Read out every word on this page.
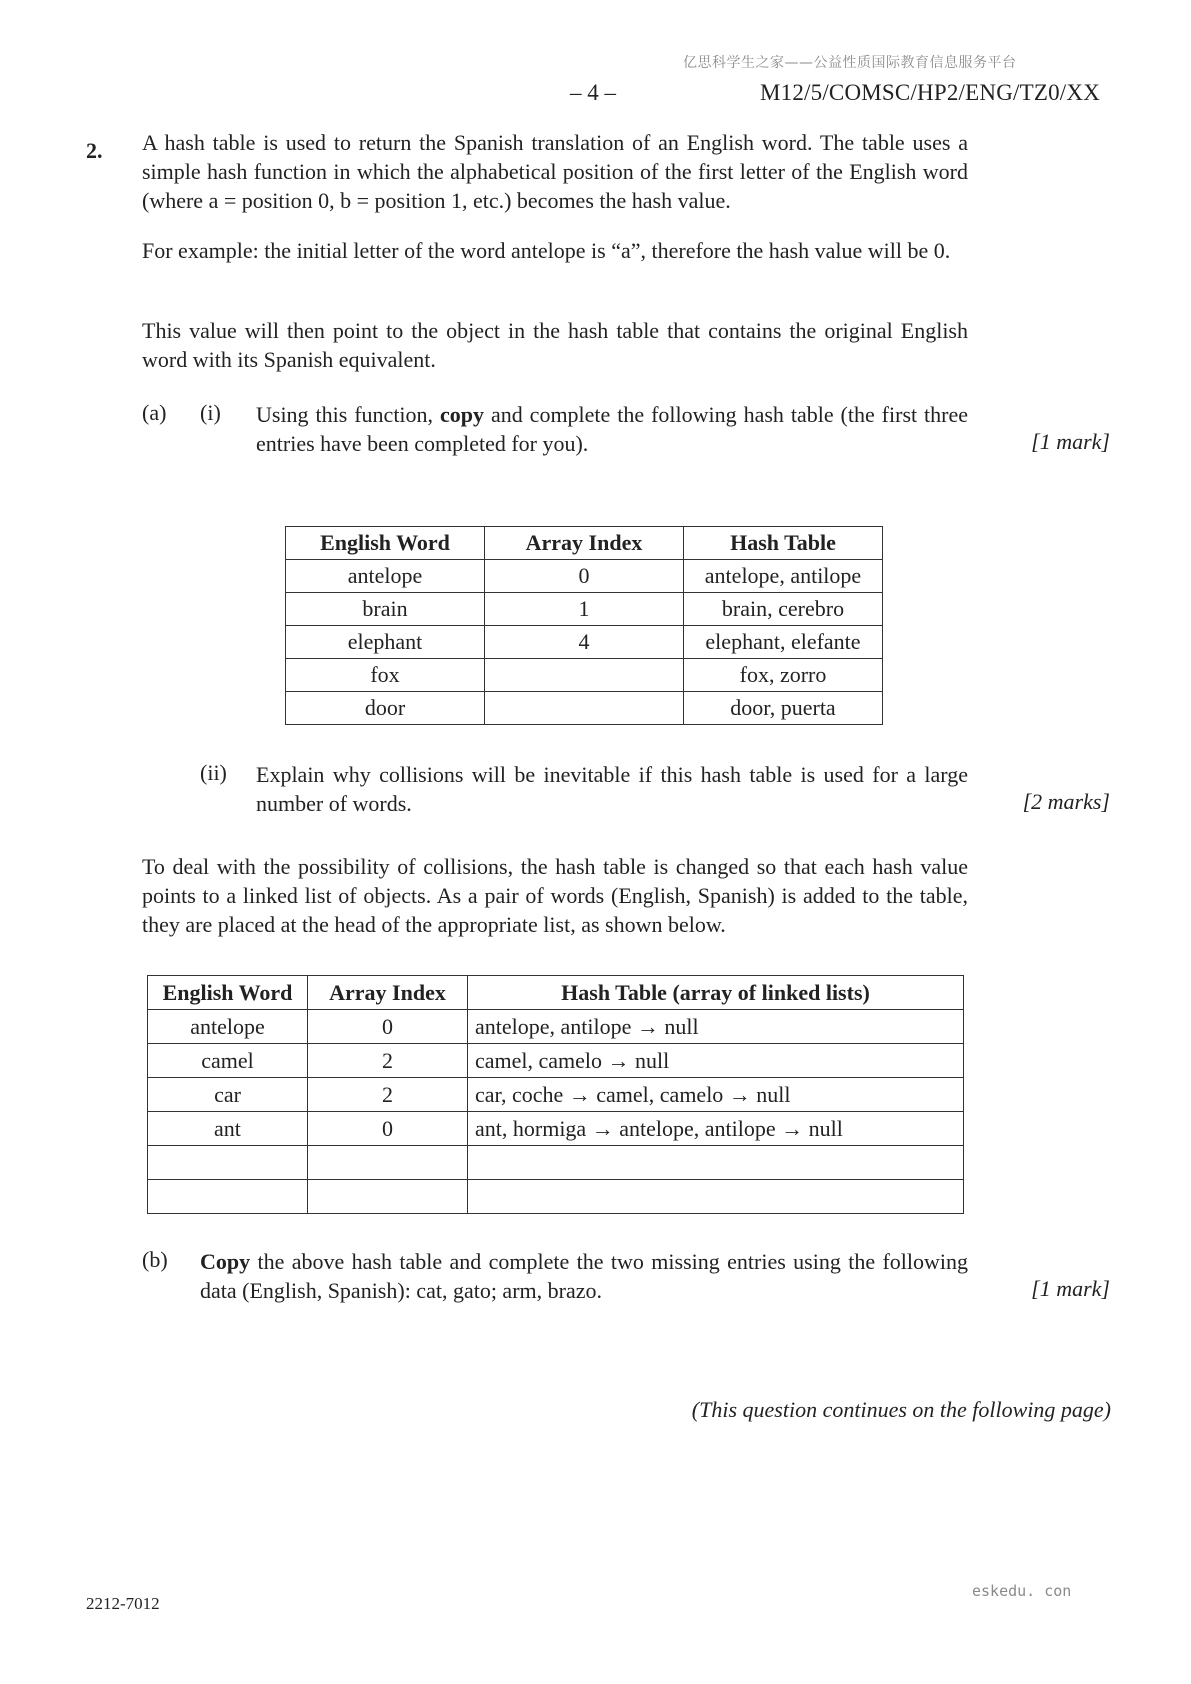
亿思科学生之家——公益性质国际教育信息服务平台
– 4 –	M12/5/COMSC/HP2/ENG/TZ0/XX
2. A hash table is used to return the Spanish translation of an English word. The table uses a simple hash function in which the alphabetical position of the first letter of the English word (where a = position 0, b = position 1, etc.) becomes the hash value.

For example: the initial letter of the word antelope is “a”, therefore the hash value will be 0.

This value will then point to the object in the hash table that contains the original English word with its Spanish equivalent.

(a) (i) Using this function, copy and complete the following hash table (the first three entries have been completed for you).	[1 mark]
English Word	Array Index	Hash Table
antelope	0	antelope, antilope
brain	1	brain, cerebro
elephant	4	elephant, elefante
fox		fox, zorro
door		door, puerta
(ii) Explain why collisions will be inevitable if this hash table is used for a large number of words.	[2 marks]

To deal with the possibility of collisions, the hash table is changed so that each hash value points to a linked list of objects. As a pair of words (English, Spanish) is added to the table, they are placed at the head of the appropriate list, as shown below.

English Word	Array Index	Hash Table (array of linked lists)
antelope	0	antelope, antilope → null
camel	2	camel, camelo → null
car	2	car, coche → camel, camelo → null
ant	0	ant, hormiga → antelope, antilope → null

(b) Copy the above hash table and complete the two missing entries using the following data (English, Spanish): cat, gato; arm, brazo.	[1 mark]
(This question continues on the following page)
eskedu. con
2212-7012
